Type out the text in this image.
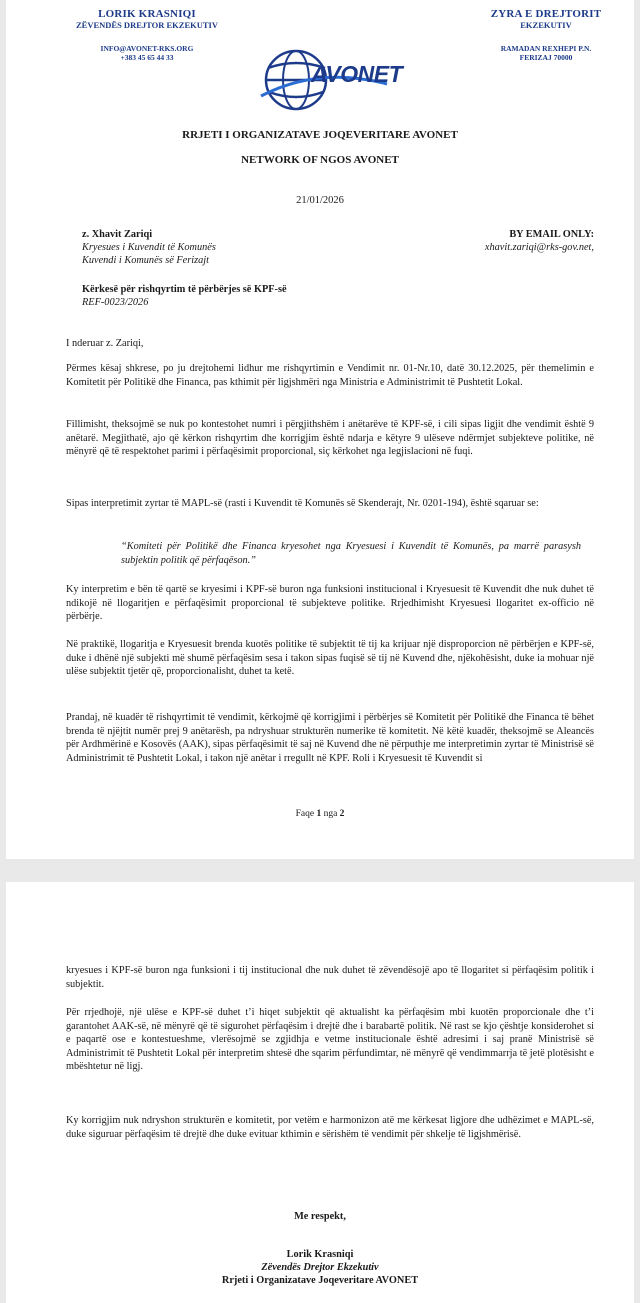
LORIK KRASNIQI
ZËVENDËS DREJTOR EKZEKUTIV
INFO@AVONET-RKS.ORG
+383 45 65 44 33
ZYRA E DREJTORIT
EKZEKUTIV
RAMADAN REXHEPI P.N.
FERIZAJ 70000
AVONET
RRJETI I ORGANIZATAVE JOQEVERITARE AVONET
NETWORK OF NGOS AVONET
21/01/2026
z. Xhavit Zariqi
Kryesues i Kuvendit të Komunës
Kuvendi i Komunës së Ferizajt
BY EMAIL ONLY:
xhavit.zariqi@rks-gov.net,
Kërkesë për rishqyrtim të përbërjes së KPF-së
REF-0023/2026
I nderuar z. Zariqi,
Përmes kësaj shkrese, po ju drejtohemi lidhur me rishqyrtimin e Vendimit nr. 01-Nr.10, datë 30.12.2025, për themelimin e Komitetit për Politikë dhe Financa, pas kthimit për ligjshmëri nga Ministria e Administrimit të Pushtetit Lokal.
Fillimisht, theksojmë se nuk po kontestohet numri i përgjithshëm i anëtarëve të KPF-së, i cili sipas ligjit dhe vendimit është 9 anëtarë. Megjithatë, ajo që kërkon rishqyrtim dhe korrigjim është ndarja e këtyre 9 ulëseve ndërmjet subjekteve politike, në mënyrë që të respektohet parimi i përfaqësimit proporcional, siç kërkohet nga legjislacioni në fuqi.
Sipas interpretimit zyrtar të MAPL-së (rasti i Kuvendit të Komunës së Skenderajt, Nr. 0201-194), është sqaruar se:
“Komiteti për Politikë dhe Financa kryesohet nga Kryesuesi i Kuvendit të Komunës, pa marrë parasysh subjektin politik që përfaqëson.”
Ky interpretim e bën të qartë se kryesimi i KPF-së buron nga funksioni institucional i Kryesuesit të Kuvendit dhe nuk duhet të ndikojë në llogaritjen e përfaqësimit proporcional të subjekteve politike. Rrjedhimisht Kryesuesi llogaritet ex-officio në përbërje.
Në praktikë, llogaritja e Kryesuesit brenda kuotës politike të subjektit të tij ka krijuar një disproporcion në përbërjen e KPF-së, duke i dhënë një subjekti më shumë përfaqësim sesa i takon sipas fuqisë së tij në Kuvend dhe, njëkohësisht, duke ia mohuar një ulëse subjektit tjetër që, proporcionalisht, duhet ta ketë.
Prandaj, në kuadër të rishqyrtimit të vendimit, kërkojmë që korrigjimi i përbërjes së Komitetit për Politikë dhe Financa të bëhet brenda të njëjtit numër prej 9 anëtarësh, pa ndryshuar strukturën numerike të komitetit. Në këtë kuadër, theksojmë se Aleancës për Ardhmërinë e Kosovës (AAK), sipas përfaqësimit të saj në Kuvend dhe në përputhje me interpretimin zyrtar të Ministrisë së Administrimit të Pushtetit Lokal, i takon një anëtar i rregullt në KPF. Roli i Kryesuesit të Kuvendit si
Faqe 1 nga 2
kryesues i KPF-së buron nga funksioni i tij institucional dhe nuk duhet të zëvendësojë apo të llogaritet si përfaqësim politik i subjektit.
Për rrjedhojë, një ulëse e KPF-së duhet t’i hiqet subjektit që aktualisht ka përfaqësim mbi kuotën proporcionale dhe t’i garantohet AAK-së, në mënyrë që të sigurohet përfaqësim i drejtë dhe i barabartë politik. Në rast se kjo çështje konsiderohet si e paqartë ose e kontestueshme, vlerësojmë se zgjidhja e vetme institucionale është adresimi i saj pranë Ministrisë së Administrimit të Pushtetit Lokal për interpretim shtesë dhe sqarim përfundimtar, në mënyrë që vendimmarrja të jetë plotësisht e mbështetur në ligj.
Ky korrigjim nuk ndryshon strukturën e komitetit, por vetëm e harmonizon atë me kërkesat ligjore dhe udhëzimet e MAPL-së, duke siguruar përfaqësim të drejtë dhe duke evituar kthimin e sërishëm të vendimit për shkelje të ligjshmërisë.
Me respekt,
Lorik Krasniqi
Zëvendës Drejtor Ekzekutiv
Rrjeti i Organizatave Joqeveritare AVONET
